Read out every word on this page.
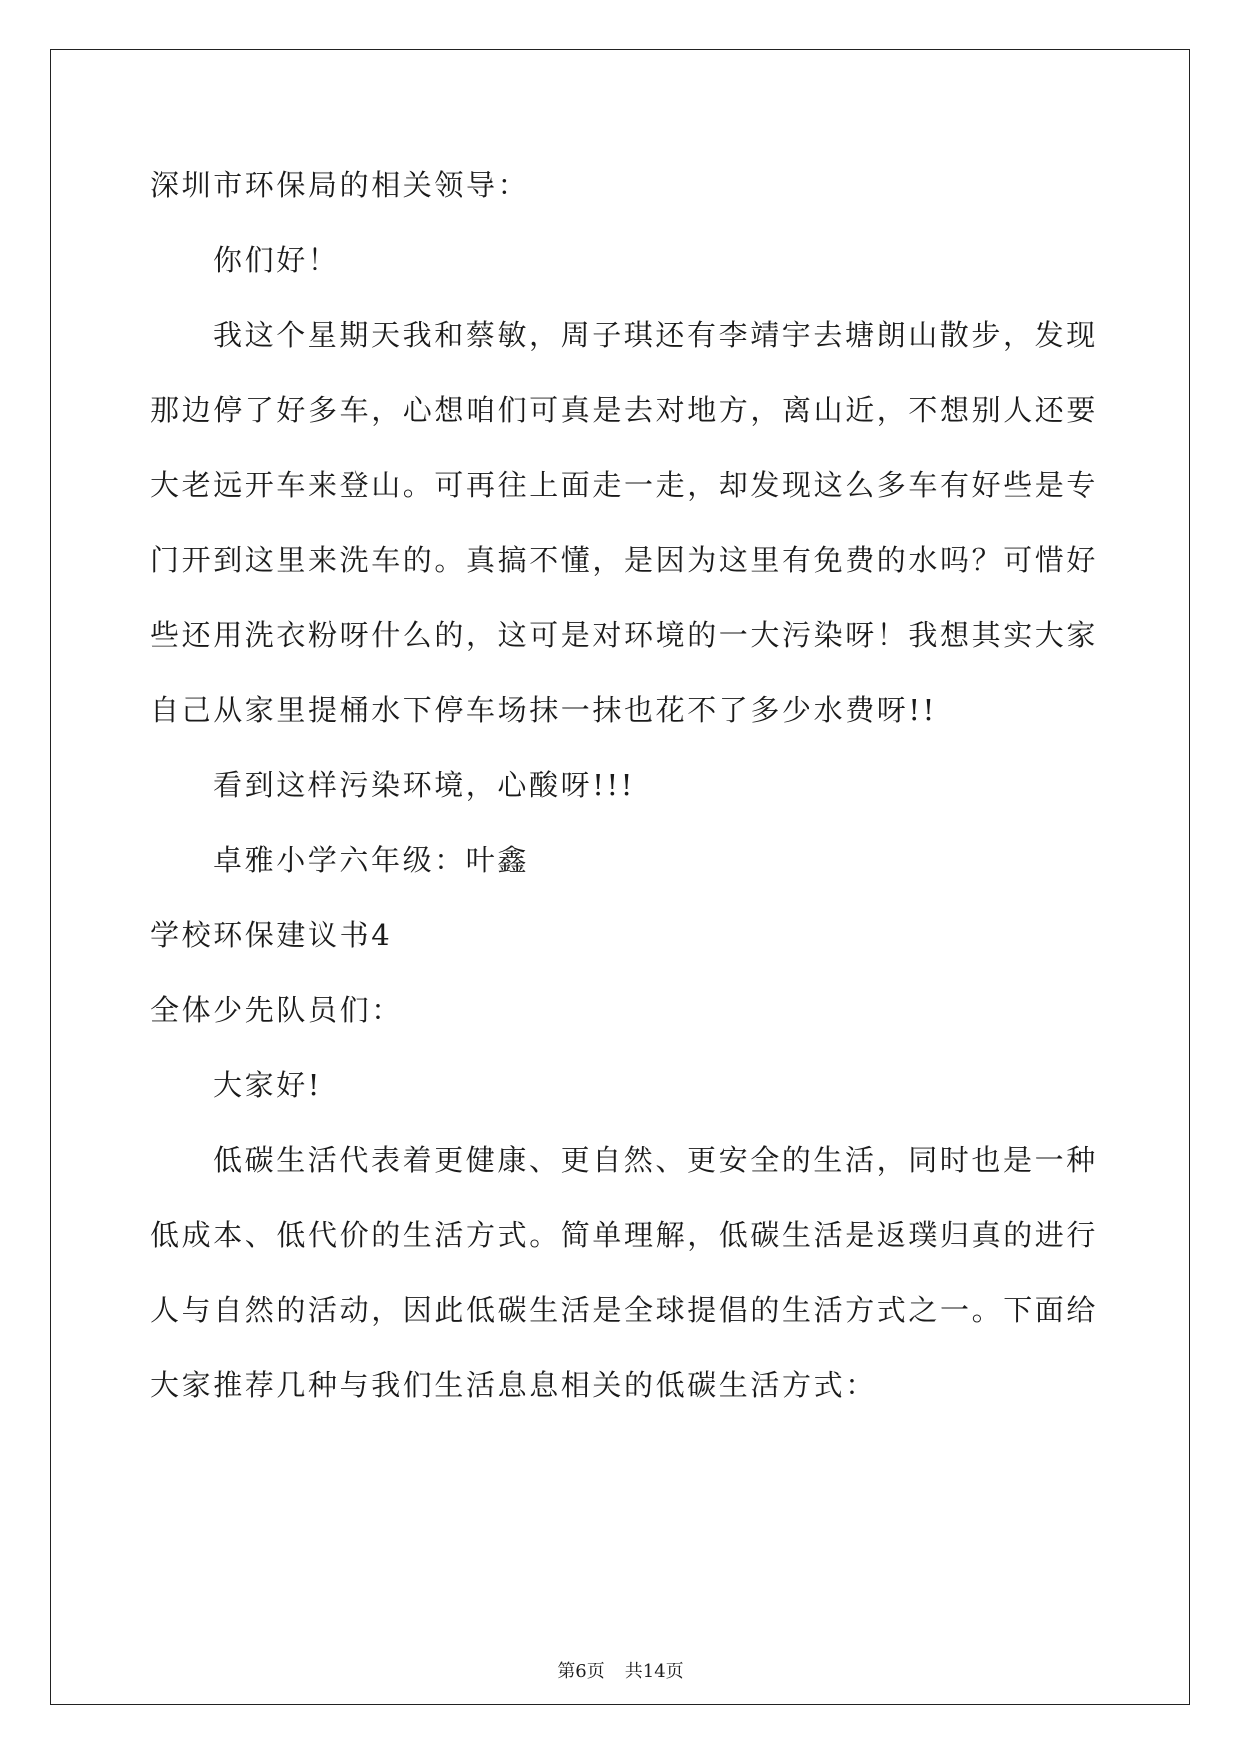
深圳市环保局的相关领导：
你们好！
我这个星期天我和蔡敏，周子琪还有李靖宇去塘朗山散步，发现
那边停了好多车，心想咱们可真是去对地方，离山近，不想别人还要
大老远开车来登山。可再往上面走一走，却发现这么多车有好些是专
门开到这里来洗车的。真搞不懂，是因为这里有免费的水吗？可惜好
些还用洗衣粉呀什么的，这可是对环境的一大污染呀！我想其实大家
自己从家里提桶水下停车场抹一抹也花不了多少水费呀!!
看到这样污染环境，心酸呀!!!
卓雅小学六年级：叶鑫
学校环保建议书4
全体少先队员们：
大家好!
低碳生活代表着更健康、更自然、更安全的生活，同时也是一种
低成本、低代价的生活方式。简单理解，低碳生活是返璞归真的进行
人与自然的活动，因此低碳生活是全球提倡的生活方式之一。下面给
大家推荐几种与我们生活息息相关的低碳生活方式：
第6页 共14页
